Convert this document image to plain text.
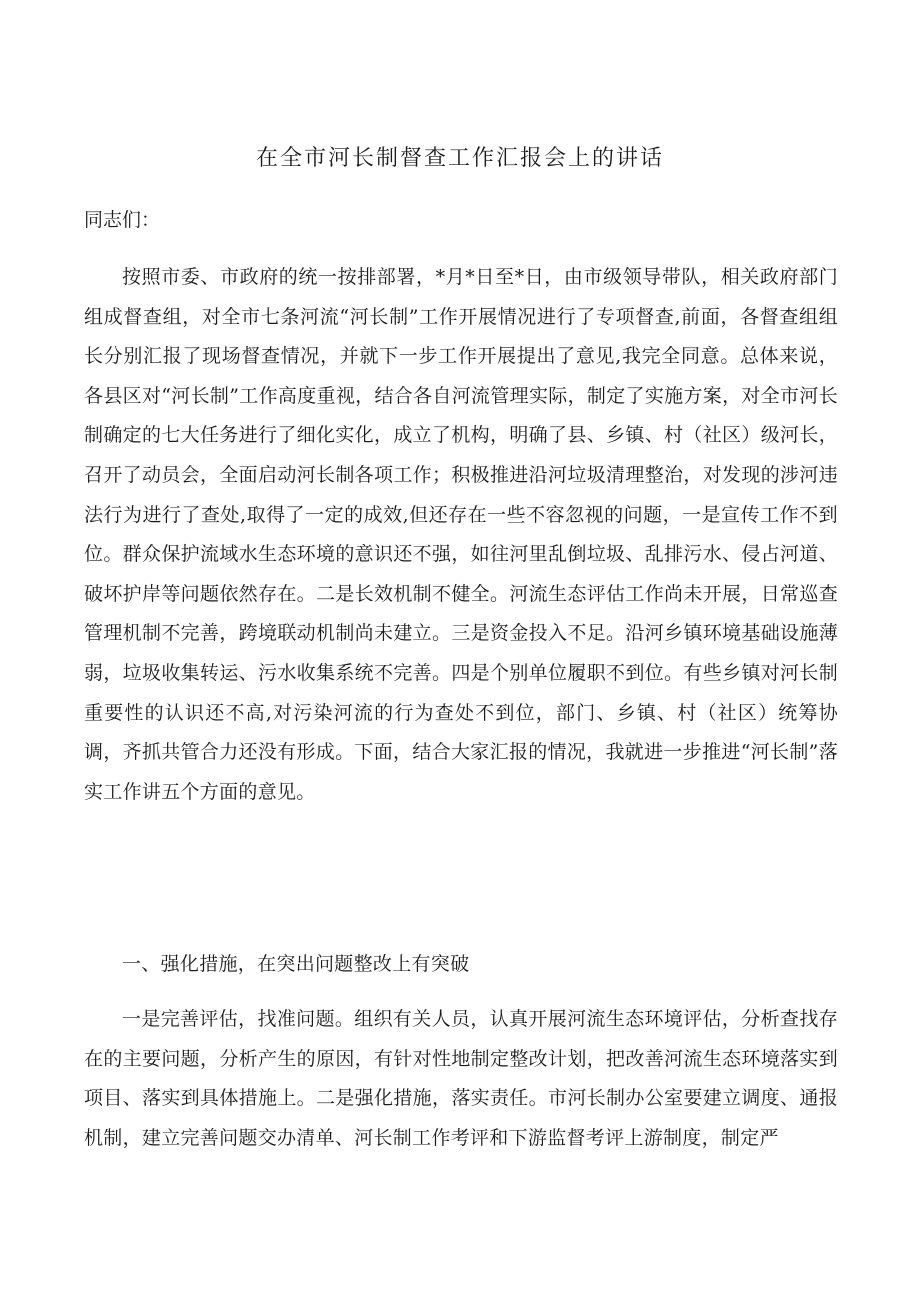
在全市河长制督查工作汇报会上的讲话

同志们：

按照市委、市政府的统一按排部署，*月*日至*日，由市级领导带队，相关政府部门组成督查组，对全市七条河流“河长制”工作开展情况进行了专项督查,前面，各督查组组长分别汇报了现场督查情况，并就下一步工作开展提出了意见,我完全同意。总体来说，各县区对“河长制”工作高度重视，结合各自河流管理实际，制定了实施方案，对全市河长制确定的七大任务进行了细化实化，成立了机构，明确了县、乡镇、村（社区）级河长，召开了动员会，全面启动河长制各项工作；积极推进沿河垃圾清理整治，对发现的涉河违法行为进行了查处,取得了一定的成效,但还存在一些不容忽视的问题，一是宣传工作不到位。群众保护流域水生态环境的意识还不强，如往河里乱倒垃圾、乱排污水、侵占河道、破坏护岸等问题依然存在。二是长效机制不健全。河流生态评估工作尚未开展，日常巡查管理机制不完善，跨境联动机制尚未建立。三是资金投入不足。沿河乡镇环境基础设施薄弱，垃圾收集转运、污水收集系统不完善。四是个别单位履职不到位。有些乡镇对河长制重要性的认识还不高,对污染河流的行为查处不到位，部门、乡镇、村（社区）统筹协调，齐抓共管合力还没有形成。下面，结合大家汇报的情况，我就进一步推进“河长制”落实工作讲五个方面的意见。

一、强化措施，在突出问题整改上有突破

一是完善评估，找准问题。组织有关人员，认真开展河流生态环境评估，分析查找存在的主要问题，分析产生的原因，有针对性地制定整改计划，把改善河流生态环境落实到项目、落实到具体措施上。二是强化措施，落实责任。市河长制办公室要建立调度、通报机制，建立完善问题交办清单、河长制工作考评和下游监督考评上游制度，制定严
